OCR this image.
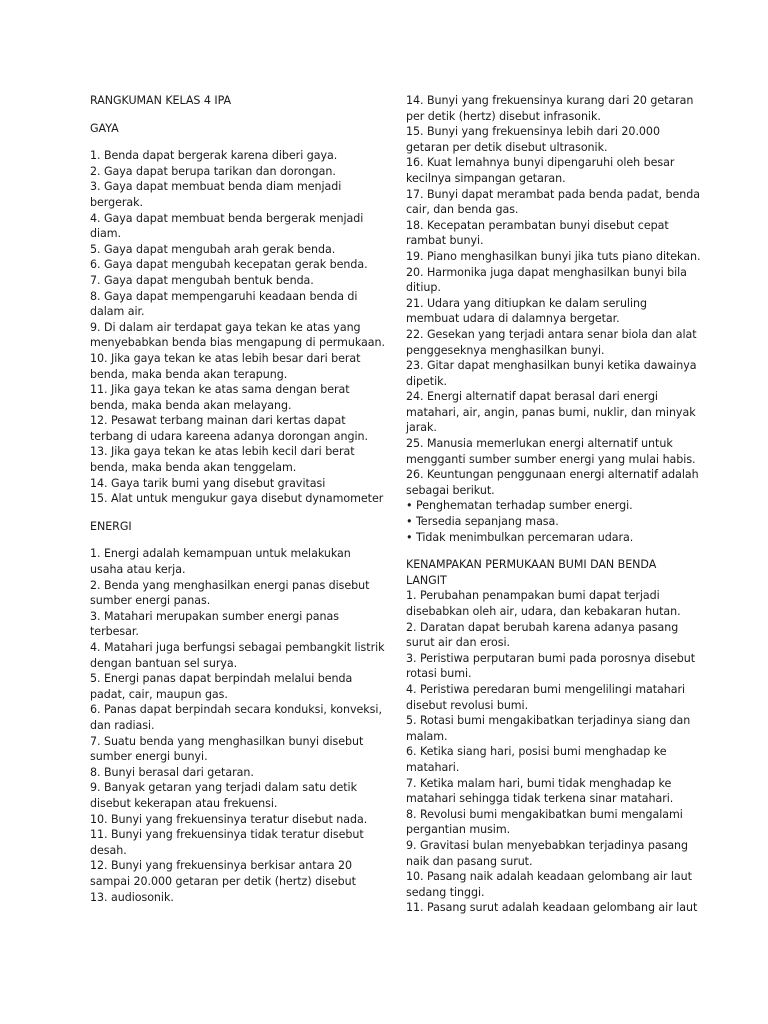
RANGKUMAN KELAS 4 IPA
GAYA
1. Benda dapat bergerak karena diberi gaya.
2. Gaya dapat berupa tarikan dan dorongan.
3. Gaya dapat membuat benda diam menjadi
bergerak.
4. Gaya dapat membuat benda bergerak menjadi
diam.
5. Gaya dapat mengubah arah gerak benda.
6. Gaya dapat mengubah kecepatan gerak benda.
7. Gaya dapat mengubah bentuk benda.
8. Gaya dapat mempengaruhi keadaan benda di
dalam air.
9. Di dalam air terdapat gaya tekan ke atas yang
menyebabkan benda bias mengapung di permukaan.
10. Jika gaya tekan ke atas lebih besar dari berat
benda, maka benda akan terapung.
11. Jika gaya tekan ke atas sama dengan berat
benda, maka benda akan melayang.
12. Pesawat terbang mainan dari kertas dapat
terbang di udara kareena adanya dorongan angin.
13. Jika gaya tekan ke atas lebih kecil dari berat
benda, maka benda akan tenggelam.
14. Gaya tarik bumi yang disebut gravitasi
15. Alat untuk mengukur gaya disebut dynamometer
ENERGI
1. Energi adalah kemampuan untuk melakukan
usaha atau kerja.
2. Benda yang menghasilkan energi panas disebut
sumber energi panas.
3. Matahari merupakan sumber energi panas
terbesar.
4. Matahari juga berfungsi sebagai pembangkit listrik
dengan bantuan sel surya.
5. Energi panas dapat berpindah melalui benda
padat, cair, maupun gas.
6. Panas dapat berpindah secara konduksi, konveksi,
dan radiasi.
7. Suatu benda yang menghasilkan bunyi disebut
sumber energi bunyi.
8. Bunyi berasal dari getaran.
9. Banyak getaran yang terjadi dalam satu detik
disebut kekerapan atau frekuensi.
10. Bunyi yang frekuensinya teratur disebut nada.
11. Bunyi yang frekuensinya tidak teratur disebut
desah.
12. Bunyi yang frekuensinya berkisar antara 20
sampai 20.000 getaran per detik (hertz) disebut
13. audiosonik.
14. Bunyi yang frekuensinya kurang dari 20 getaran
per detik (hertz) disebut infrasonik.
15. Bunyi yang frekuensinya lebih dari 20.000
getaran per detik disebut ultrasonik.
16. Kuat lemahnya bunyi dipengaruhi oleh besar
kecilnya simpangan getaran.
17. Bunyi dapat merambat pada benda padat, benda
cair, dan benda gas.
18. Kecepatan perambatan bunyi disebut cepat
rambat bunyi.
19. Piano menghasilkan bunyi jika tuts piano ditekan.
20. Harmonika juga dapat menghasilkan bunyi bila
ditiup.
21. Udara yang ditiupkan ke dalam seruling
membuat udara di dalamnya bergetar.
22. Gesekan yang terjadi antara senar biola dan alat
penggeseknya menghasilkan bunyi.
23. Gitar dapat menghasilkan bunyi ketika dawainya
dipetik.
24. Energi alternatif dapat berasal dari energi
matahari, air, angin, panas bumi, nuklir, dan minyak
jarak.
25. Manusia memerlukan energi alternatif untuk
mengganti sumber sumber energi yang mulai habis.
26. Keuntungan penggunaan energi alternatif adalah
sebagai berikut.
• Penghematan terhadap sumber energi.
• Tersedia sepanjang masa.
• Tidak menimbulkan percemaran udara.
KENAMPAKAN PERMUKAAN BUMI DAN BENDA
LANGIT
1. Perubahan penampakan bumi dapat terjadi
disebabkan oleh air, udara, dan kebakaran hutan.
2. Daratan dapat berubah karena adanya pasang
surut air dan erosi.
3. Peristiwa perputaran bumi pada porosnya disebut
rotasi bumi.
4. Peristiwa peredaran bumi mengelilingi matahari
disebut revolusi bumi.
5. Rotasi bumi mengakibatkan terjadinya siang dan
malam.
6. Ketika siang hari, posisi bumi menghadap ke
matahari.
7. Ketika malam hari, bumi tidak menghadap ke
matahari sehingga tidak terkena sinar matahari.
8. Revolusi bumi mengakibatkan bumi mengalami
pergantian musim.
9. Gravitasi bulan menyebabkan terjadinya pasang
naik dan pasang surut.
10. Pasang naik adalah keadaan gelombang air laut
sedang tinggi.
11. Pasang surut adalah keadaan gelombang air laut
